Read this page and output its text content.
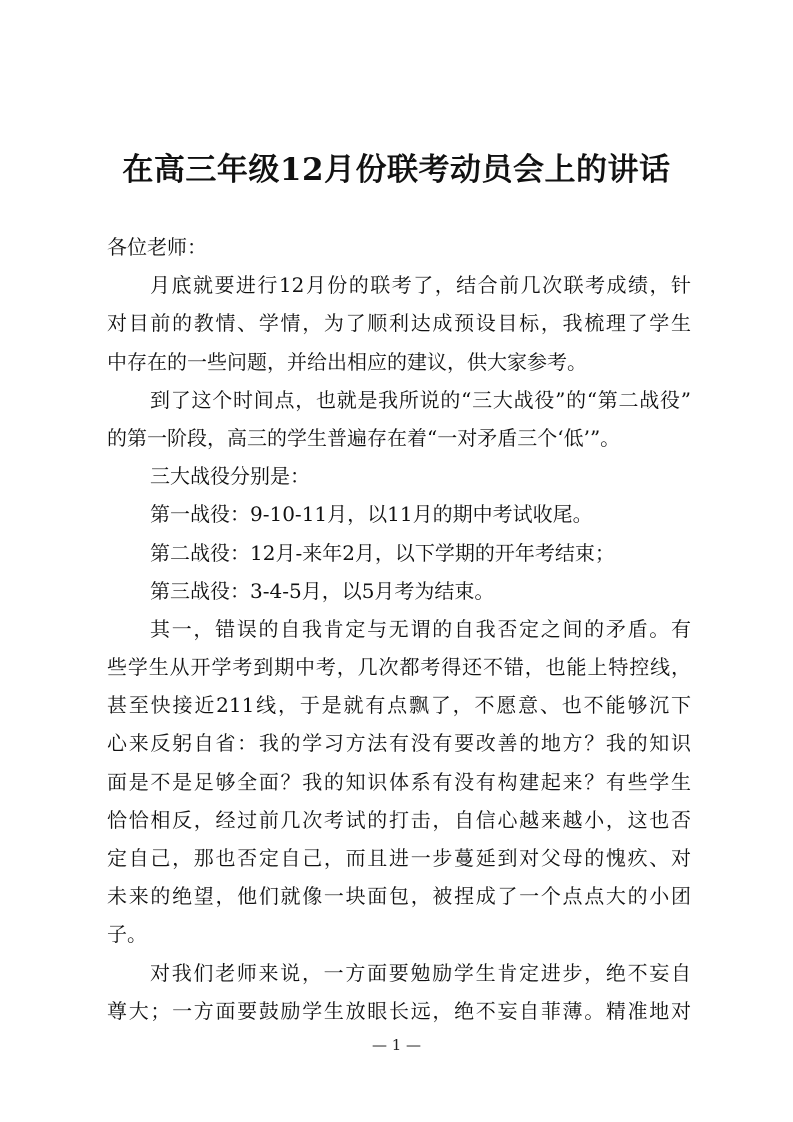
在高三年级12月份联考动员会上的讲话
各位老师：
月底就要进行12月份的联考了，结合前几次联考成绩，针
对目前的教情、学情，为了顺利达成预设目标，我梳理了学生
中存在的一些问题，并给出相应的建议，供大家参考。
到了这个时间点，也就是我所说的“三大战役”的“第二战役”
的第一阶段，高三的学生普遍存在着“一对矛盾三个‘低’”。
三大战役分别是：
第一战役：9-10-11月，以11月的期中考试收尾。
第二战役：12月-来年2月，以下学期的开年考结束；
第三战役：3-4-5月，以5月考为结束。
其一，错误的自我肯定与无谓的自我否定之间的矛盾。有
些学生从开学考到期中考，几次都考得还不错，也能上特控线，
甚至快接近211线，于是就有点飘了，不愿意、也不能够沉下
心来反躬自省：我的学习方法有没有要改善的地方？我的知识
面是不是足够全面？我的知识体系有没有构建起来？有些学生
恰恰相反，经过前几次考试的打击，自信心越来越小，这也否
定自己，那也否定自己，而且进一步蔓延到对父母的愧疚、对
未来的绝望，他们就像一块面包，被捏成了一个点点大的小团
子。
对我们老师来说，一方面要勉励学生肯定进步，绝不妄自
尊大；一方面要鼓励学生放眼长远，绝不妄自菲薄。精准地对
— 1 —
